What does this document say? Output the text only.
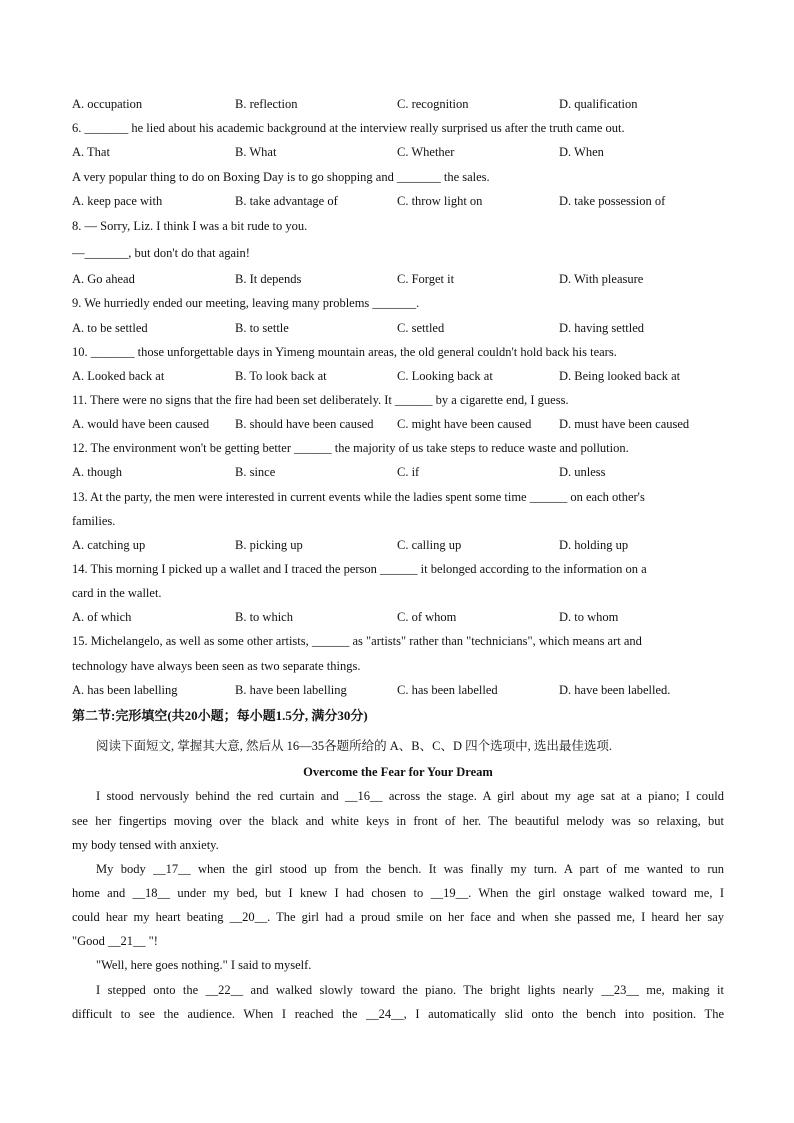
A. occupation	B. reflection	C. recognition	D. qualification
6. _______ he lied about his academic background at the interview really surprised us after the truth came out.
A. That	B. What	C. Whether	D. When
A very popular thing to do on Boxing Day is to go shopping and _______ the sales.
A. keep pace with	B. take advantage of	C. throw light on	D. take possession of
8. — Sorry, Liz. I think I was a bit rude to you.
—_______, but don't do that again!
A. Go ahead	B. It depends	C. Forget it	D. With pleasure
9. We hurriedly ended our meeting, leaving many problems _______.
A. to be settled	B. to settle	C. settled	D. having settled
10. _______ those unforgettable days in Yimeng mountain areas, the old general couldn't hold back his tears.
A. Looked back at	B. To look back at	C. Looking back at	D. Being looked back at
11. There were no signs that the fire had been set deliberately. It ______ by a cigarette end, I guess.
A. would have been caused B. should have been caused C. might have been caused D. must have been caused
12. The environment won't be getting better ______ the majority of us take steps to reduce waste and pollution.
A. though	B. since	C. if	D. unless
13. At the party, the men were interested in current events while the ladies spent some time ______ on each other's
families.
A. catching up	B. picking up	C. calling up	D. holding up
14. This morning I picked up a wallet and I traced the person ______ it belonged according to the information on a
card in the wallet.
A. of which	B. to which	C. of whom	D. to whom
15. Michelangelo, as well as some other artists, ______ as "artists" rather than "technicians", which means art and
technology have always been seen as two separate things.
A. has been labelling	B. have been labelling	C. has been labelled	D. have been labelled.
第二节:完形填空(共20小题；每小题1.5分, 满分30分)
阅读下面短文, 掌握其大意, 然后从 16—35各题所给的 A、B、C、D 四个选项中, 选出最佳选项.
Overcome the Fear for Your Dream
I stood nervously behind the red curtain and __16__ across the stage. A girl about my age sat at a piano; I could
see her fingertips moving over the black and white keys in front of her. The beautiful melody was so relaxing, but
my body tensed with anxiety.
My body __17__ when the girl stood up from the bench. It was finally my turn. A part of me wanted to run
home and __18__ under my bed, but I knew I had chosen to __19__. When the girl onstage walked toward me, I
could hear my heart beating __20__. The girl had a proud smile on her face and when she passed me, I heard her say
"Good __21__ "!
"Well, here goes nothing." I said to myself.
I stepped onto the __22__ and walked slowly toward the piano. The bright lights nearly __23__ me, making it
difficult to see the audience. When I reached the __24__, I automatically slid onto the bench into position. The
